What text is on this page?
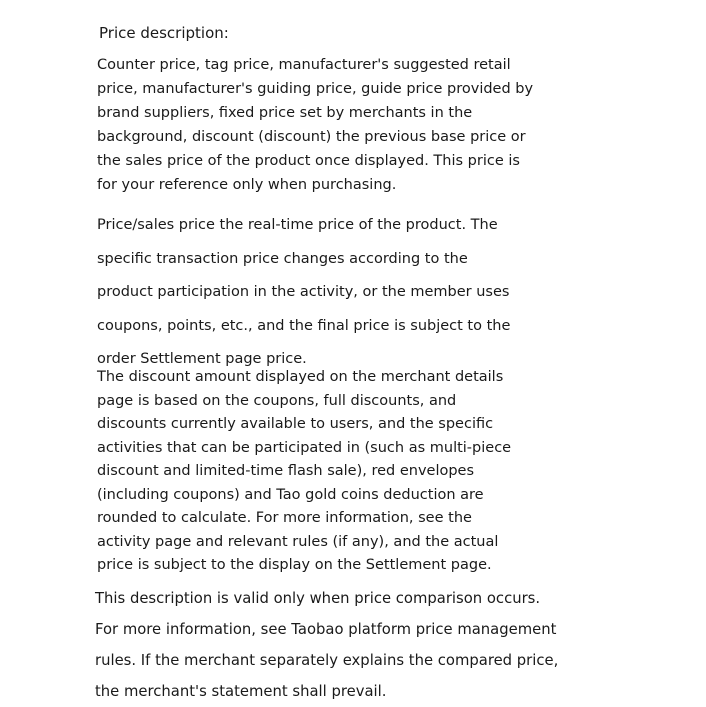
Price description:

Counter price, tag price, manufacturer's suggested retail
price, manufacturer's guiding price, guide price provided by
brand suppliers, fixed price set by merchants in the
background, discount (discount) the previous base price or
the sales price of the product once displayed. This price is
for your reference only when purchasing.

Price/sales price the real-time price of the product. The
specific transaction price changes according to the
product participation in the activity, or the member uses
coupons, points, etc., and the final price is subject to the
order Settlement page price.

The discount amount displayed on the merchant details
page is based on the coupons, full discounts, and
discounts currently available to users, and the specific
activities that can be participated in (such as multi-piece
discount and limited-time flash sale), red envelopes
(including coupons) and Tao gold coins deduction are
rounded to calculate. For more information, see the
activity page and relevant rules (if any), and the actual
price is subject to the display on the Settlement page.

This description is valid only when price comparison occurs.
For more information, see Taobao platform price management
rules. If the merchant separately explains the compared price,
the merchant's statement shall prevail.
